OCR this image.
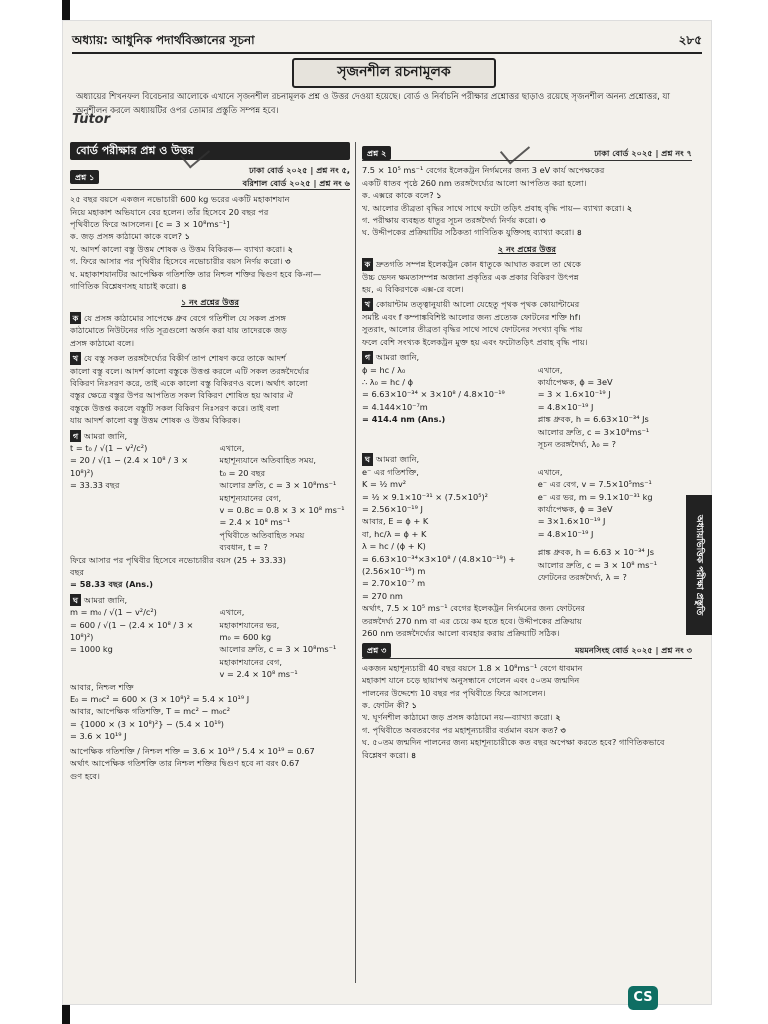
অধ্যায়: আধুনিক পদার্থবিজ্ঞানের সূচনা	২৮৫
সৃজনশীল রচনামূলক
অধ্যায়ের শিখনফল বিবেচনার আলোকে এখানে সৃজনশীল রচনামূলক প্রশ্ন ও উত্তর দেওয়া হয়েছে। বোর্ড ও নির্বাচনি পরীক্ষার প্রশ্নোত্তর ছাড়াও রয়েছে সৃজনশীল অনন্য প্রশ্নোত্তর, যা অনুশীলন করলে অধ্যায়টির ওপর তোমার প্রস্তুতি সম্পন্ন হবে।
Tutor
বোর্ড পরীক্ষার প্রশ্ন ও উত্তর
প্রশ্ন ১
ঢাকা বোর্ড ২০২৫ | প্রশ্ন নং ৫,
বরিশাল বোর্ড ২০২৫ | প্রশ্ন নং ৬
২৫ বছর বয়সে একজন নভোচারী 600 kg ভরের একটি মহাকাশযান
নিয়ে মহাকাশ অভিযানে বের হলেন। তাঁর হিসেবে 20 বছর পর
পৃথিবীতে ফিরে আসলেন। [c = 3 × 10⁸ms⁻¹]
ক. জড় প্রসঙ্গ কাঠামো কাকে বলে? ১
খ. আদর্শ কালো বস্তু উত্তম শোষক ও উত্তম বিকিরক— ব্যাখ্যা করো। ২
গ. ফিরে আসার পর পৃথিবীর হিসেবে নভোচারীর বয়স নির্ণয় করো। ৩
ঘ. মহাকাশযানটির আপেক্ষিক গতিশক্তি তার নিশ্চল শক্তির দ্বিগুণ হবে কি-না—গাণিতিক বিশ্লেষণসহ যাচাই করো। ৪
১ নং প্রশ্নের উত্তর
ক যে প্রসঙ্গ কাঠামোর সাপেক্ষে ধ্রুব বেগে গতিশীল যে সকল প্রসঙ্গ
কাঠামোতে নিউটনের গতি সূত্রগুলো অর্জন করা যায় তাদেরকে জড়
প্রসঙ্গ কাঠামো বলে।
খ যে বস্তু সকল তরঙ্গদৈর্ঘ্যের বিকীর্ণ তাপ শোষণ করে তাকে আদর্শ
কালো বস্তু বলে। আদর্শ কালো বস্তুকে উত্তপ্ত করলে এটি সকল তরঙ্গদৈর্ঘ্যের
বিকিরণ নিঃসরণ করে, তাই একে কালো বস্তু বিকিরণও বলে। অর্থাৎ কালো
বস্তুর ক্ষেত্রে বস্তুর উপর আপতিত সকল বিকিরণ শোষিত হয় আবার ঐ
বস্তুকে উত্তপ্ত করলে বস্তুটি সকল বিকিরণ নিঃসরণ করে। তাই বলা
যায় আদর্শ কালো বস্তু উত্তম শোষক ও উত্তম বিকিরক।
গ আমরা জানি,
t = t₀ / √(1 − v²/c²)
= 20 / √(1 − (2.4 × 10⁸ / 3 × 10⁸)²)
= 33.33 বছর
এখানে,
মহাশূন্যযানে অতিবাহিত সময়,
t₀ = 20 বছর
আলোর দ্রুতি, c = 3 × 10⁸ms⁻¹
মহাশূন্যযানের বেগ,
v = 0.8c = 0.8 × 3 × 10⁸ ms⁻¹
= 2.4 × 10⁸ ms⁻¹
পৃথিবীতে অতিবাহিত সময়
ব্যবধান, t = ?
ফিরে আসার পর পৃথিবীর হিসেবে নভোচারীর বয়স (25 + 33.33)
বছর
= 58.33 বছর (Ans.)
ঘ আমরা জানি,
m = m₀ / √(1 − v²/c²)
= 600 / √(1 − (2.4 × 10⁸ / 3 × 10⁸)²)
= 1000 kg
এখানে,
মহাকাশযানের ভর,
m₀ = 600 kg
আলোর দ্রুতি, c = 3 × 10⁸ms⁻¹
মহাকাশযানের বেগ,
v = 2.4 × 10⁸ ms⁻¹
আবার, নিশ্চল শক্তি
E₀ = m₀c² = 600 × (3 × 10⁸)² = 5.4 × 10¹⁹ J
আবার, আপেক্ষিক গতিশক্তি, T = mc² − m₀c²
= {1000 × (3 × 10⁸)²} − (5.4 × 10¹⁹)
= 3.6 × 10¹⁹ J
আপেক্ষিক গতিশক্তি / নিশ্চল শক্তি = 3.6 × 10¹⁹ / 5.4 × 10¹⁹ = 0.67
অর্থাৎ আপেক্ষিক গতিশক্তি তার নিশ্চল শক্তির দ্বিগুণ হবে না বরং 0.67
গুণ হবে।
প্রশ্ন ২	ঢাকা বোর্ড ২০২৫ | প্রশ্ন নং ৭
7.5 × 10⁵ ms⁻¹ বেগের ইলেকট্রন নির্গমনের জন্য 3 eV কার্য অপেক্ষকের
একটি ধাতব পৃষ্ঠে 260 nm তরঙ্গদৈর্ঘ্যের আলো আপতিত করা হলো।
ক. এক্সরে কাকে বলে? ১
খ. আলোর তীব্রতা বৃদ্ধির সাথে সাথে ফটো তড়িৎ প্রবাহ বৃদ্ধি পায়— ব্যাখ্যা করো। ২
গ. পরীক্ষায় ব্যবহৃত ধাতুর সূচন তরঙ্গদৈর্ঘ্য নির্ণয় করো। ৩
ঘ. উদ্দীপকের প্রক্রিয়াটির সঠিকতা গাণিতিক যুক্তিসহ ব্যাখ্যা করো। ৪
২ নং প্রশ্নের উত্তর
ক দ্রুতগতি সম্পন্ন ইলেকট্রন কোন ধাতুকে আঘাত করলে তা থেকে
উচ্চ ভেদন ক্ষমতাসম্পন্ন অজানা প্রকৃতির এক প্রকার বিকিরণ উৎপন্ন
হয়, এ বিকিরণকে এক্স-রে বলে।
খ কোয়ান্টাম তত্ত্বানুযায়ী আলো যেহেতু পৃথক পৃথক কোয়ান্টামের
সমষ্টি এবং f কম্পাঙ্কবিশিষ্ট আলোর জন্য প্রত্যেক ফোটনের শক্তি hf।
সুতরাং, আলোর তীব্রতা বৃদ্ধির সাথে সাথে ফোটনের সংখ্যা বৃদ্ধি পায়
ফলে বেশি সংখ্যক ইলেকট্রন মুক্ত হয় এবং ফটোতড়িৎ প্রবাহ বৃদ্ধি পায়।
গ আমরা জানি,
ϕ = hc / λ₀
∴ λ₀ = hc / ϕ
= 6.63×10⁻³⁴ × 3×10⁸ / 4.8×10⁻¹⁹
= 4.144×10⁻⁷m
= 414.4 nm (Ans.)
এখানে,
কার্যাপেক্ষক, ϕ = 3eV
= 3 × 1.6×10⁻¹⁹ J
= 4.8×10⁻¹⁹ J
প্লাঙ্ক ধ্রুবক, h = 6.63×10⁻³⁴ Js
আলোর দ্রুতি, c = 3×10⁸ms⁻¹
সূচন তরঙ্গদৈর্ঘ্য, λ₀ = ?
ঘ আমরা জানি,
e⁻ এর গতিশক্তি,
K = ½ mv²
= ½ × 9.1×10⁻³¹ × (7.5×10⁵)²
= 2.56×10⁻¹⁹ J
আবার, E = ϕ + K
বা, hc/λ = ϕ + K
λ = hc / (ϕ + K)
= 6.63×10⁻³⁴×3×10⁸ / (4.8×10⁻¹⁹) + (2.56×10⁻¹⁹) m
= 2.70×10⁻⁷ m
= 270 nm
এখানে,
e⁻ এর বেগ, v = 7.5×10⁵ms⁻¹
e⁻ এর ভর, m = 9.1×10⁻³¹ kg
কার্যাপেক্ষক, ϕ = 3eV
= 3×1.6×10⁻¹⁹ J
= 4.8×10⁻¹⁹ J
প্লাঙ্ক ধ্রুবক, h = 6.63 × 10⁻³⁴ Js
আলোর দ্রুতি, c = 3 × 10⁸ ms⁻¹
ফোটনের তরঙ্গদৈর্ঘ্য, λ = ?
অর্থাৎ, 7.5 × 10⁵ ms⁻¹ বেগের ইলেকট্রন নির্গমনের জন্য ফোটনের
তরঙ্গদৈর্ঘ্য 270 nm বা এর চেয়ে কম হতে হবে। উদ্দীপকের প্রক্রিয়ায়
260 nm তরঙ্গদৈর্ঘ্যের আলো ব্যবহার করায় প্রক্রিয়াটি সঠিক।
প্রশ্ন ৩	ময়মনসিংহ বোর্ড ২০২৫ | প্রশ্ন নং ৩
একজন মহাশূন্যচারী 40 বছর বয়সে 1.8 × 10⁸ms⁻¹ বেগে ধাবমান
মহাকাশ যানে চড়ে ছায়াপথ অনুসন্ধানে গেলেন এবং ৫০তম জন্মদিন
পালনের উদ্দেশ্যে 10 বছর পর পৃথিবীতে ফিরে আসলেন।
ক. ফোটন কী? ১
খ. ঘূর্ণনশীল কাঠামো জড় প্রসঙ্গ কাঠামো নয়—ব্যাখ্যা করো। ২
গ. পৃথিবীতে অবতরণের পর মহাশূন্যচারীর বর্তমান বয়স কত? ৩
ঘ. ৫০তম জন্মদিন পালনের জন্য মহাশূন্যচারীকে কত বছর অপেক্ষা করতে হবে? গাণিতিকভাবে বিশ্লেষণ করো। ৪
অধ্যায়ভিত্তিক পরীক্ষা প্রস্তুতি
CS
